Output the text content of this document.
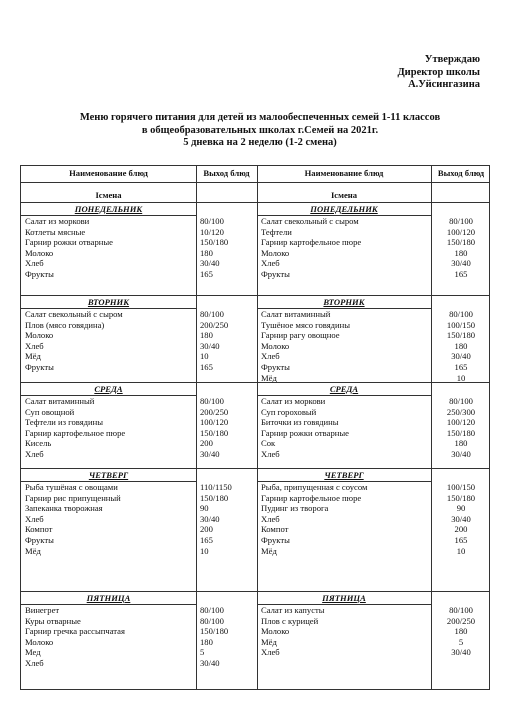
Утверждаю
Директор школы
А.Уйсингазина
Меню горячего питания для детей из малообеспеченных семей 1-11 классов
в общеобразовательных школах г.Семей на 2021г.
5 дневка на 2 неделю (1-2 смена)
Наименование блюд	Выход блюд	Наименование блюд	Выход блюд
Iсмена	Iсмена
ПОНЕДЕЛЬНИК
Салат из моркови	80/100
Котлеты мясные	10/120
Гарнир рожки отварные	150/180
Молоко	180
Хлеб	30/40
Фрукты	165
ПОНЕДЕЛЬНИК
Салат свекольный с сыром	80/100
Тефтели	100/120
Гарнир картофельное пюре	150/180
Молоко	180
Хлеб	30/40
Фрукты	165
ВТОРНИК
Салат свекольный с сыром	80/100
Плов (мясо говядина)	200/250
Молоко	180
Хлеб	30/40
Мёд	10
Фрукты	165
ВТОРНИК
Салат витаминный	80/100
Тушёное мясо говядины	100/150
Гарнир рагу овощное	150/180
Молоко	180
Хлеб	30/40
Фрукты	165
Мёд	10
СРЕДА
Салат витаминный	80/100
Суп овощной	200/250
Тефтели из говядины	100/120
Гарнир картофельное пюре	150/180
Кисель	200
Хлеб	30/40
СРЕДА
Салат из моркови	80/100
Суп гороховый	250/300
Биточки из говядины	100/120
Гарнир рожки отварные	150/180
Сок	180
Хлеб	30/40
ЧЕТВЕРГ
Рыба тушёная с овощами	110/1150
Гарнир рис припущенный	150/180
Запеканка творожная	90
Хлеб	30/40
Компот	200
Фрукты	165
Мёд	10
ЧЕТВЕРГ
Рыба, припущенная с соусом	100/150
Гарнир картофельное пюре	150/180
Пудинг из творога	90
Хлеб	30/40
Компот	200
Фрукты	165
Мёд	10
ПЯТНИЦА
Винегрет	80/100
Куры отварные	80/100
Гарнир гречка рассыпчатая	150/180
Молоко	180
Мед	5
Хлеб	30/40
ПЯТНИЦА
Салат из капусты	80/100
Плов с курицей	200/250
Молоко	180
Мёд	5
Хлеб	30/40
